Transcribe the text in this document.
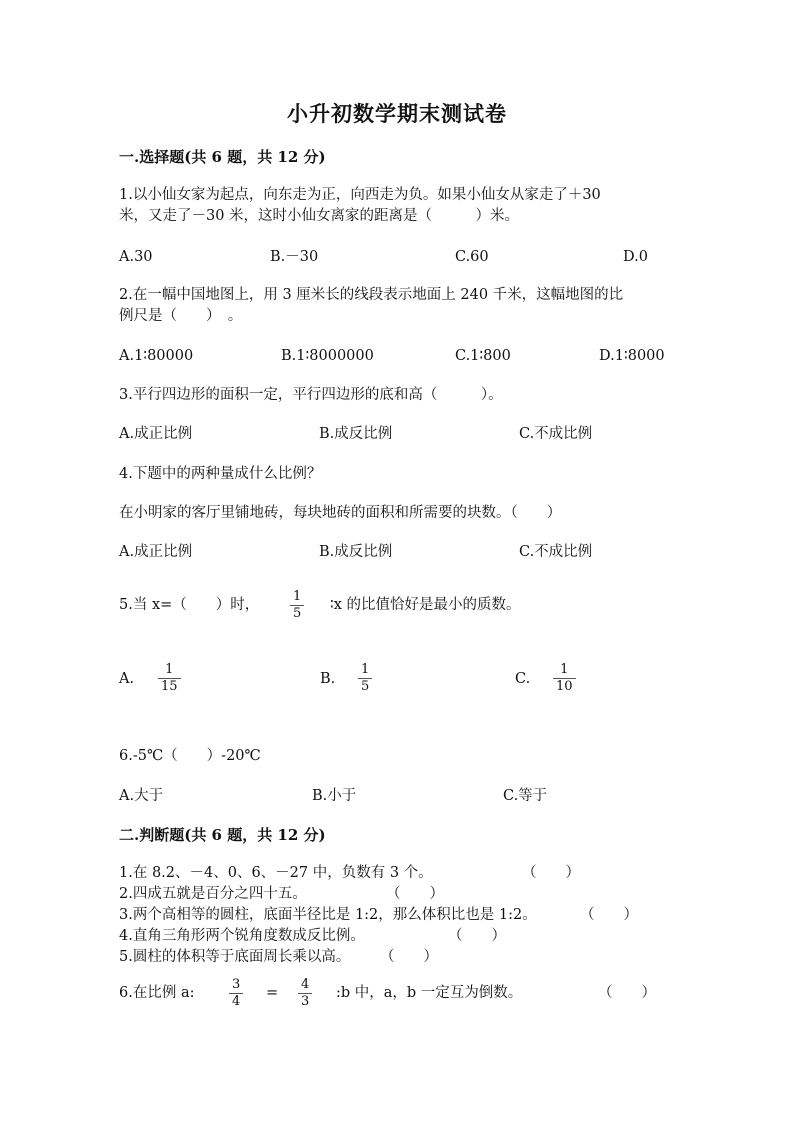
小升初数学期末测试卷
一.选择题(共 6 题，共 12 分)
1.以小仙女家为起点，向东走为正，向西走为负。如果小仙女从家走了＋30
米，又走了－30 米，这时小仙女离家的距离是（　　　）米。
A.30	B.－30	C.60	D.0
2.在一幅中国地图上，用 3 厘米长的线段表示地面上 240 千米，这幅地图的比
例尺是（　　）　。
A.1∶80000	B.1∶8000000	C.1∶800	D.1∶8000
3.平行四边形的面积一定，平行四边形的底和高（　　　）。
A.成正比例	B.成反比例	C.不成比例
4.下题中的两种量成什么比例？
在小明家的客厅里铺地砖，每块地砖的面积和所需要的块数。（　　）
A.成正比例	B.成反比例	C.不成比例
5.当 x=（　　）时，
1
5
∶x 的比值恰好是最小的质数。
A.
1
15	B.
1
5	C.
1
10
6.-5℃（　　）-20℃
A.大于	B.小于	C.等于
二.判断题(共 6 题，共 12 分)
1.在 8.2、－4、0、6、－27 中，负数有 3 个。	（　　）
2.四成五就是百分之四十五。	（　　）
3.两个高相等的圆柱，底面半径比是 1:2，那么体积比也是 1:2。	（　　）
4.直角三角形两个锐角度数成反比例。	（　　）
5.圆柱的体积等于底面周长乘以高。 （　　）
6.在比例 a:
3
4
=
4
3
:b 中，a，b 一定互为倒数。	（　　）
